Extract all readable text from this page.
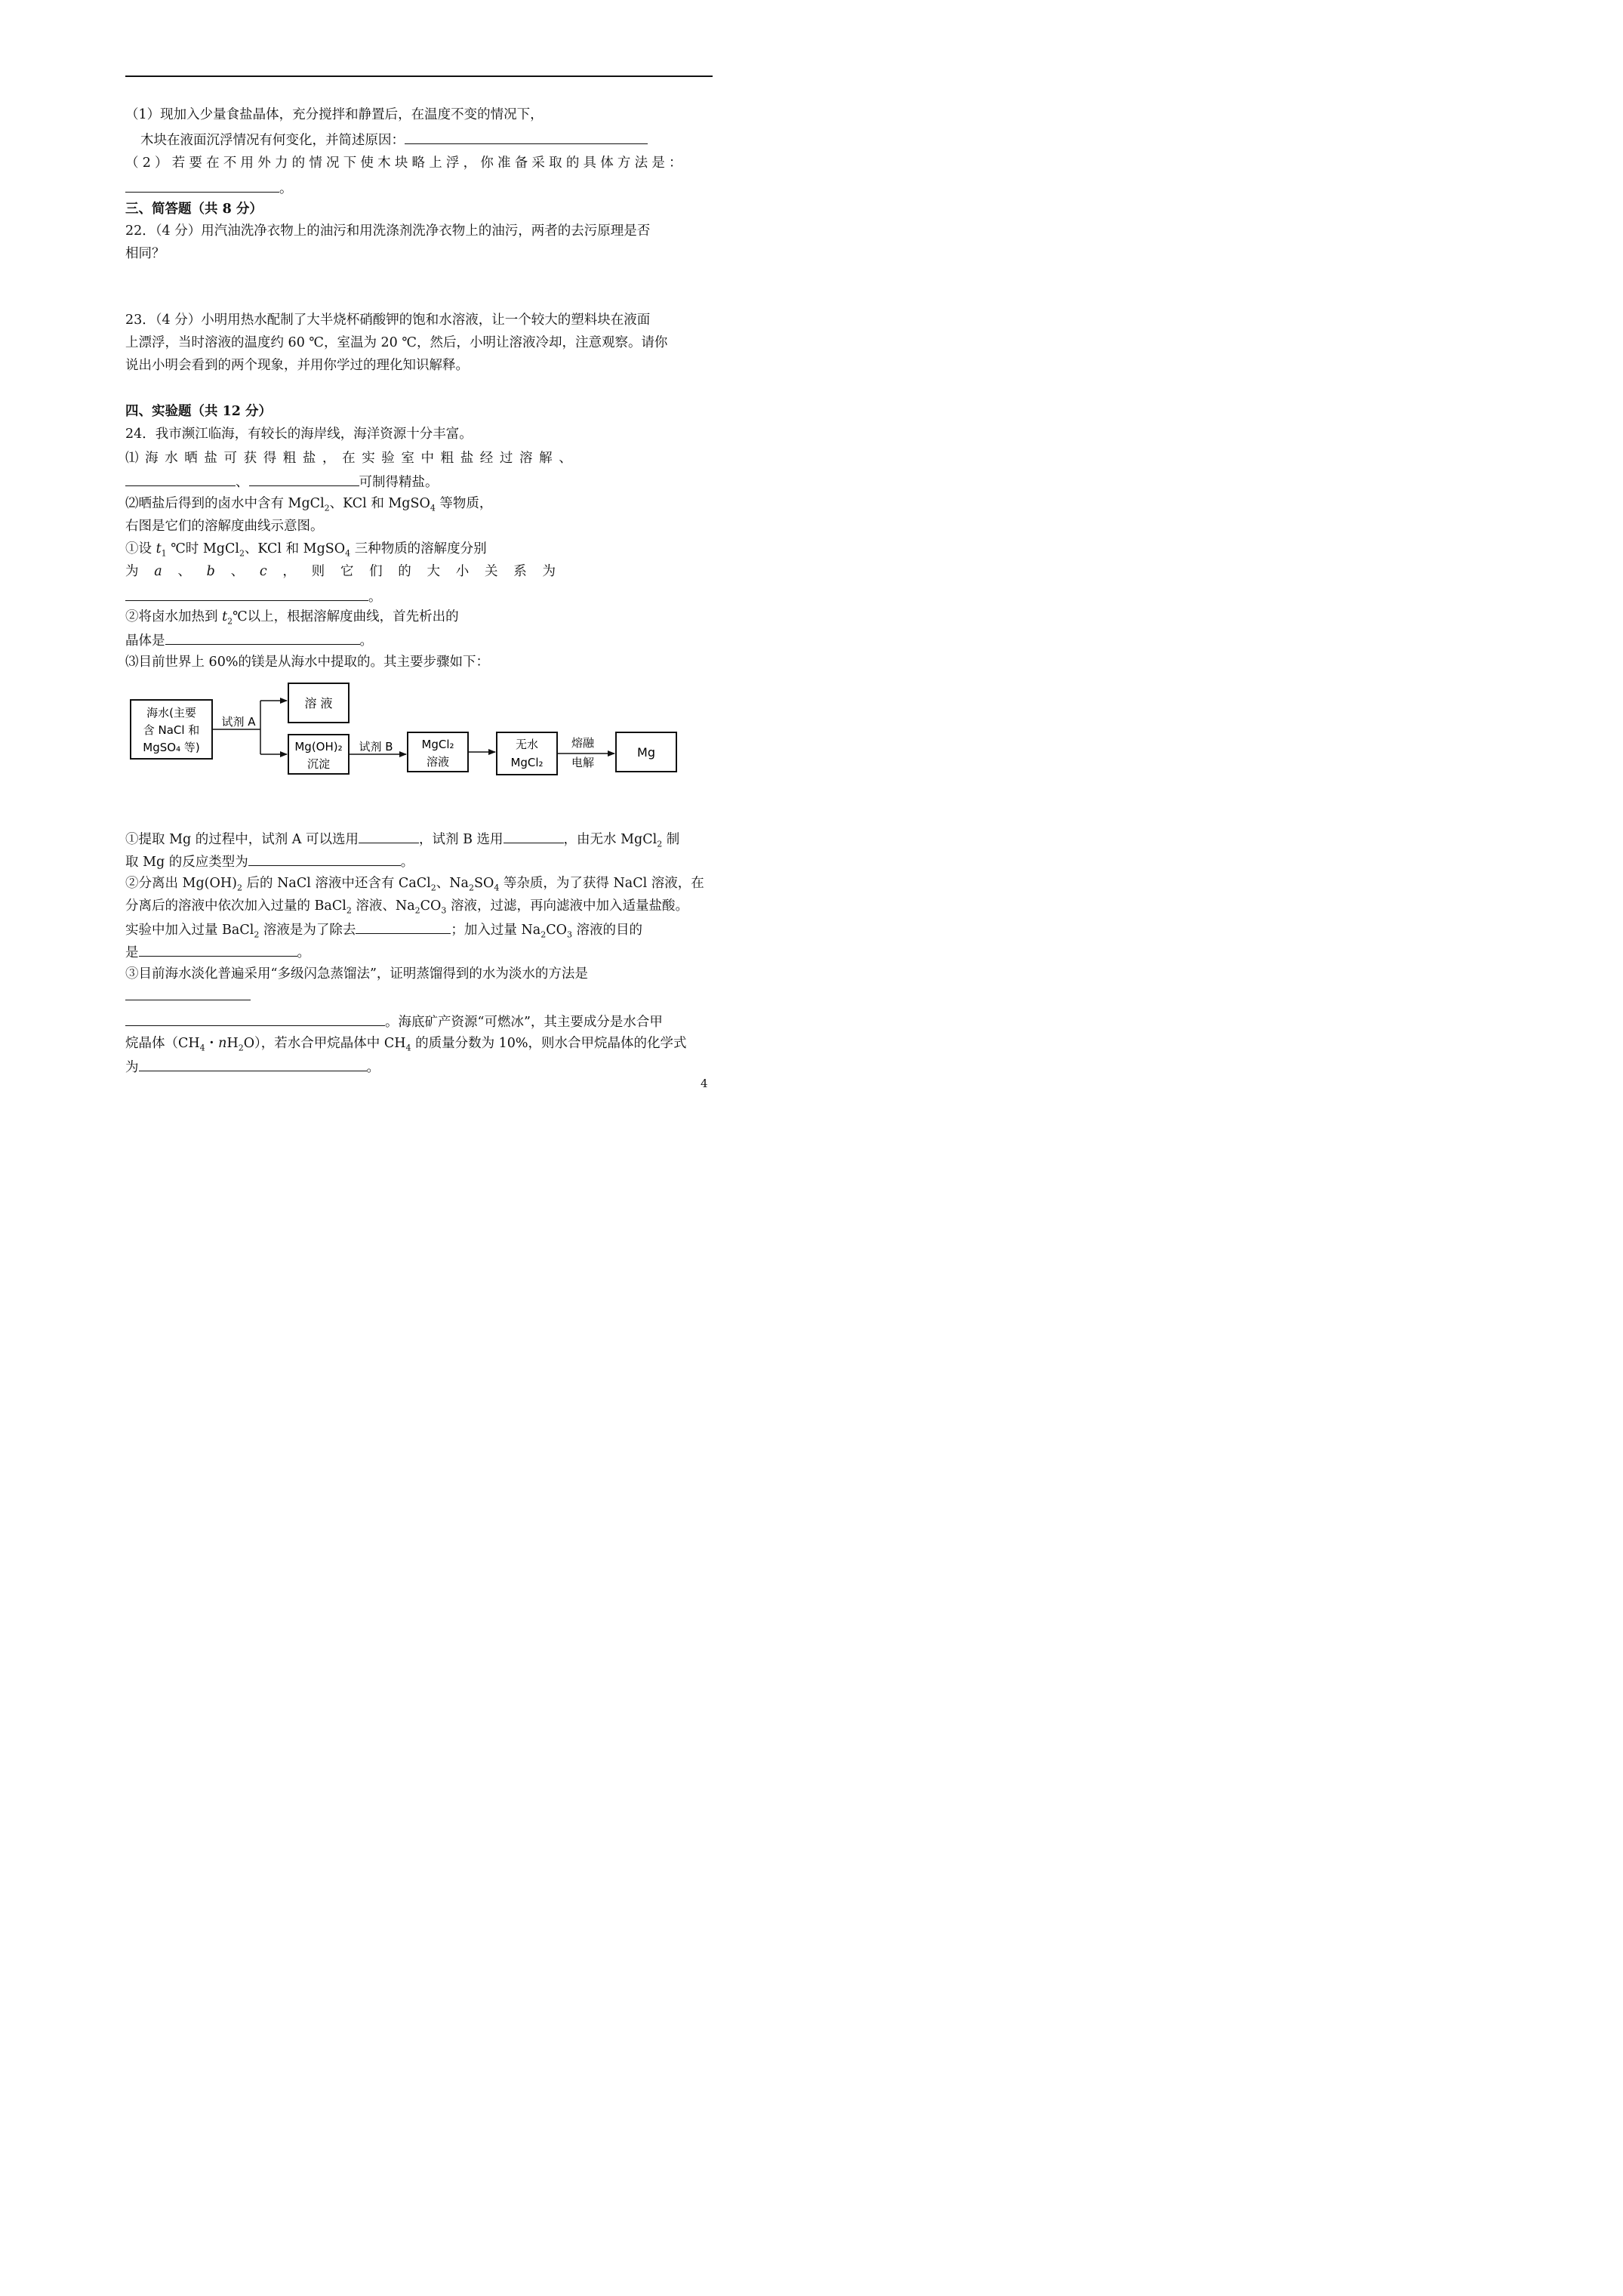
（1）现加入少量食盐晶体，充分搅拌和静置后，在温度不变的情况下，
木块在液面沉浮情况有何变化，并简述原因：
（2）若要在不用外力的情况下使木块略上浮，你准备采取的具体方法是：
。
三、简答题（共 8 分）
22．（4 分）用汽油洗净衣物上的油污和用洗涤剂洗净衣物上的油污，两者的去污原理是否
相同？
23．（4 分）小明用热水配制了大半烧杯硝酸钾的饱和水溶液，让一个较大的塑料块在液面
上漂浮，当时溶液的温度约 60 ℃，室温为 20 ℃，然后，小明让溶液冷却，注意观察。请你
说出小明会看到的两个现象，并用你学过的理化知识解释。
四、实验题（共 12 分）
24．我市濒江临海，有较长的海岸线，海洋资源十分丰富。
⑴海水晒盐可获得粗盐，在实验室中粗盐经过溶解、
、	可制得精盐。
⑵晒盐后得到的卤水中含有 MgCl$_2$、KCl 和 MgSO$_4$ 等物质，
右图是它们的溶解度曲线示意图。
①设 $t_1$ ℃时 MgCl$_2$、KCl 和 MgSO$_4$ 三种物质的溶解度分别
为 a 、 b 、 c ， 则 它 们 的 大 小 关 系 为
。
②将卤水加热到 $t_2℃$以上，根据溶解度曲线，首先析出的
晶体是	。
⑶目前世界上 60%的镁是从海水中提取的。其主要步骤如下：
海水(主要
含 NaCl 和
MgSO₄ 等)
试剂 A
溶 液
Mg(OH)₂
沉淀
试剂 B	MgCl₂
溶液
无水
MgCl₂
熔融
电解
Mg
①提取 Mg 的过程中，试剂 A 可以选用	，试剂 B 选用	，由无水 MgCl$_2$ 制
取 Mg 的反应类型为	。
②分离出 $Mg(OH)_2$ 后的 NaCl 溶液中还含有 CaCl$_2$、$Na_2SO_4$ 等杂质，为了获得 NaCl 溶液，在
分离后的溶液中依次加入过量的 BaCl$_2$ 溶液、$Na_2CO_3$ 溶液，过滤，再向滤液中加入适量盐酸。
实验中加入过量 BaCl$_2$ 溶液是为了除去	；加入过量 $Na_2CO_3$ 溶液的目的
是	。
③目前海水淡化普遍采用“多级闪急蒸馏法”，证明蒸馏得到的水为淡水的方法是
。海底矿产资源“可燃冰”，其主要成分是水合甲
烷晶体（$CH_4$・$nH_2O$），若水合甲烷晶体中 $CH_4$ 的质量分数为 10%，则水合甲烷晶体的化学式
为	。
4
